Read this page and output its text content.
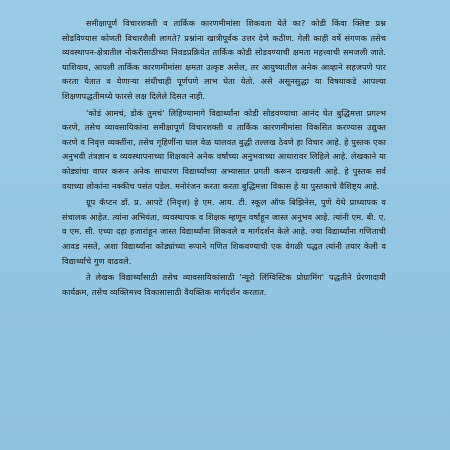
समीक्षापूर्ण विचारशक्ती व तार्किक कारणमीमांसा शिकवता येते का? कोडी किंवा क्लिष्ट प्रश्न सोडविण्यास कोणती विचारशैली लागते? प्रश्नांना खात्रीपूर्वक उत्तर देणे कठीण. गेली काही वर्षे संगणक तसेच व्यवस्थापन-क्षेत्रातील नोकरीसाठीच्या निवडप्रक्रियेत तार्किक कोडी सोडवण्याची क्षमता महत्त्वाची समजली जाते. याशिवाय, आपली तार्किक कारणमीमांसा क्षमता उत्कृष्ट असेल, तर आयुष्यातील अनेक आव्हाने सहजपणे पार करता येतात व येणाऱ्या संधीचाही पूर्णपणे लाभ घेता येतो. असे असूनसुद्धा या विषयाकडे आपल्या शिक्षणपद्धतीमध्ये फारसे लक्ष दिलेले दिसत नाही.

'कोडं आमचं, डोकं तुमचं' लिहिण्यामागे विद्यार्थ्यांना कोडी सोडवण्याचा आनंद घेत बुद्धिमत्ता प्रगल्भ करणे, तसेच व्यावसायिकांना समीक्षापूर्ण विचारशक्ती व तार्किक कारणमीमांसा विकसित करण्यास उद्युक्त करणे व निवृत्त व्यक्तींना, तसेच गृहिणींना घाल वेळ घालवत बुद्धी तल्लख ठेवणे हा विचार आहे. हे पुस्तक एका अनुभवी तंत्रज्ञान व व्यवस्थापनाच्या शिक्षकाने अनेक वर्षांच्या अनुभवाच्या आधारावर लिहिले आहे. लेखकाने या कोड्यांचा वापर करून अनेक साधारण विद्यार्थ्यांच्या अभ्यासात प्रगती करून दाखवली आहे. हे पुस्तक सर्व वयाच्या लोकांना नक्कीच पसंत पडेल. मनोरंजन करता करता बुद्धिमत्ता विकास हे या पुस्तकाचे वैशिष्ट्य आहे.

ग्रूप कॅप्टन डॉ. प्र. आपटे (निवृत्त) हे एम. आय. टी. स्कूल ऑफ बिझिनेस, पुणे येथे प्राध्यापक व संचालक आहेत. त्यांना अभियंता, व्यवस्थापक व शिक्षक म्हणून वर्षांहून जास्त अनुभव आहे. त्यांनी एम. बी. ए. व एम. सी. एच्या दहा हजारांहून जास्त विद्यार्थ्यांना शिकवले व मार्गदर्शन केले आहे. ज्या विद्यार्थ्यांना गणिताची आवड नसते, अशा विद्यार्थ्यांना कोड्यांच्या रूपाने गणित शिकवण्याची एक वेगळी पद्धत त्यांनी तयार केली व विद्यार्थ्यांचे गुण वाढवले.

ते लेखक विद्यार्थ्यांसाठी तसेच व्यावसायिकांसाठी 'न्यूरो लिंग्विस्टिक प्रोग्रामिंग' पद्धतीने प्रेरणादायी कार्यक्रम, तसेच व्यक्तिमत्त्व विकासासाठी वैयक्तिक मार्गदर्शन करतात.
